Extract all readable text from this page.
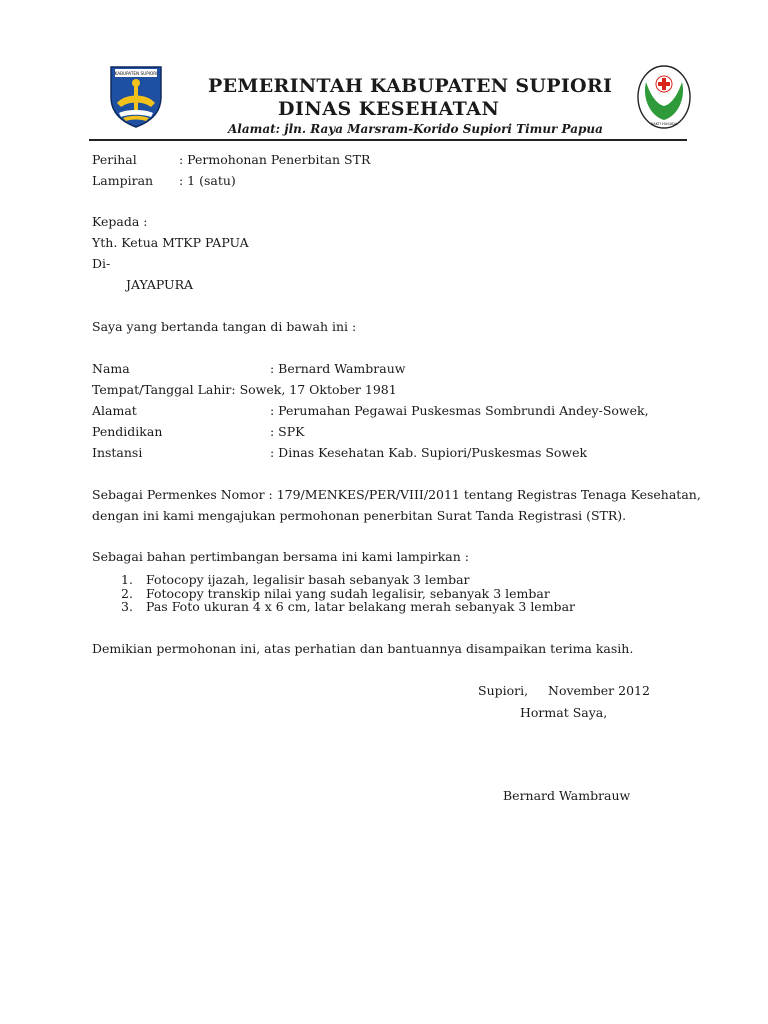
KABUPATEN SUPIORI
BAKTI HUSADA
PEMERINTAH KABUPATEN SUPIORI
DINAS KESEHATAN
Alamat: jln. Raya Marsram-Korido Supiori Timur Papua
Perihal	: Permohonan Penerbitan STR
Lampiran : 1 (satu)
Kepada :
Yth. Ketua MTKP PAPUA
Di-
JAYAPURA
Saya yang bertanda tangan di bawah ini :
Nama	: Bernard Wambrauw
Tempat/Tanggal Lahir: Sowek, 17 Oktober 1981
Alamat	: Perumahan Pegawai Puskesmas Sombrundi Andey-Sowek,
Pendidikan	: SPK
Instansi	: Dinas Kesehatan Kab. Supiori/Puskesmas Sowek
Sebagai Permenkes Nomor : 179/MENKES/PER/VIII/2011 tentang Registras Tenaga Kesehatan,
dengan ini kami mengajukan permohonan penerbitan Surat Tanda Registrasi (STR).
Sebagai bahan pertimbangan bersama ini kami lampirkan :
1. Fotocopy ijazah, legalisir basah sebanyak 3 lembar
2. Fotocopy transkip nilai yang sudah legalisir, sebanyak 3 lembar
3. Pas Foto ukuran 4 x 6 cm, latar belakang merah sebanyak 3 lembar
Demikian permohonan ini, atas perhatian dan bantuannya disampaikan terima kasih.
Supiori, November 2012
Hormat Saya,
Bernard Wambrauw
